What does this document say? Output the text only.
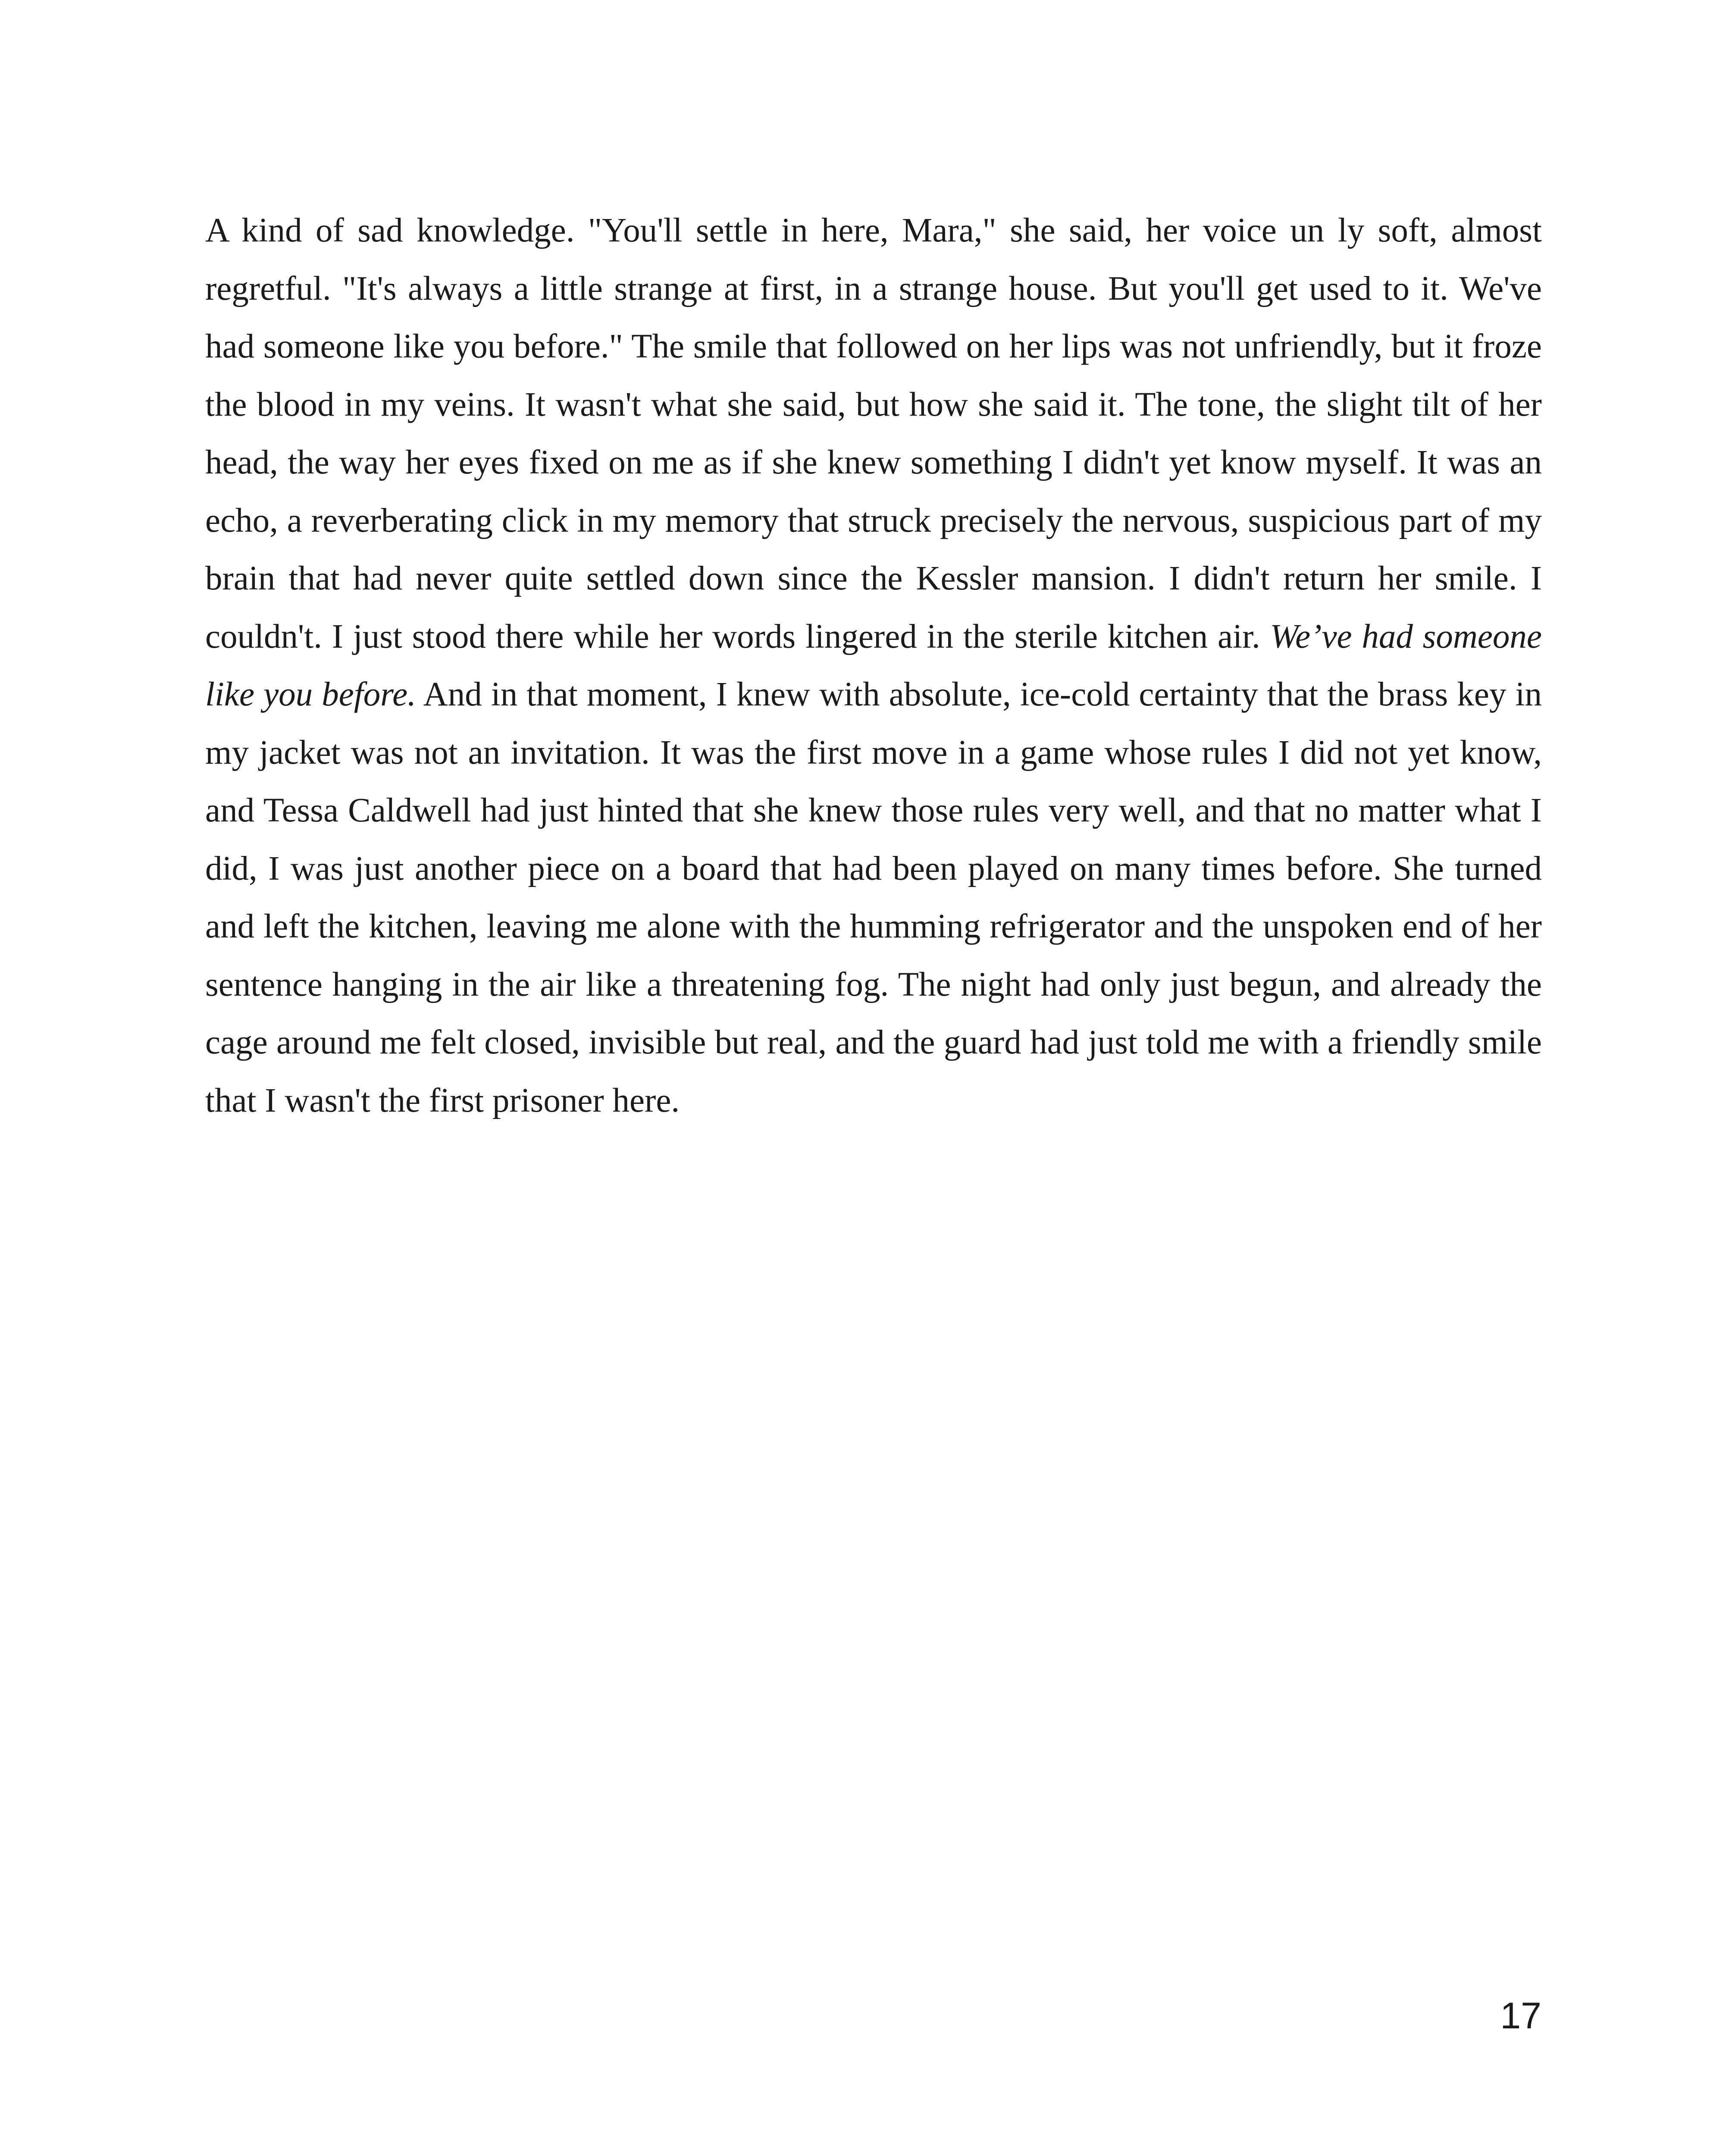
A kind of sad knowledge. "You'll settle in here, Mara," she said, her voice un ly soft, almost regretful. "It's always a little strange at first, in a strange house. But you'll get used to it. We've had someone like you before." The smile that followed on her lips was not unfriendly, but it froze the blood in my veins. It wasn't what she said, but how she said it. The tone, the slight tilt of her head, the way her eyes fixed on me as if she knew something I didn't yet know myself. It was an echo, a reverberating click in my memory that struck precisely the nervous, suspicious part of my brain that had never quite settled down since the Kessler mansion. I didn't return her smile. I couldn't. I just stood there while her words lingered in the sterile kitchen air. We’ve had someone like you before. And in that moment, I knew with absolute, ice-cold certainty that the brass key in my jacket was not an invitation. It was the first move in a game whose rules I did not yet know, and Tessa Caldwell had just hinted that she knew those rules very well, and that no matter what I did, I was just another piece on a board that had been played on many times before. She turned and left the kitchen, leaving me alone with the humming refrigerator and the unspoken end of her sentence hanging in the air like a threatening fog. The night had only just begun, and already the cage around me felt closed, invisible but real, and the guard had just told me with a friendly smile that I wasn't the first prisoner here.

17
